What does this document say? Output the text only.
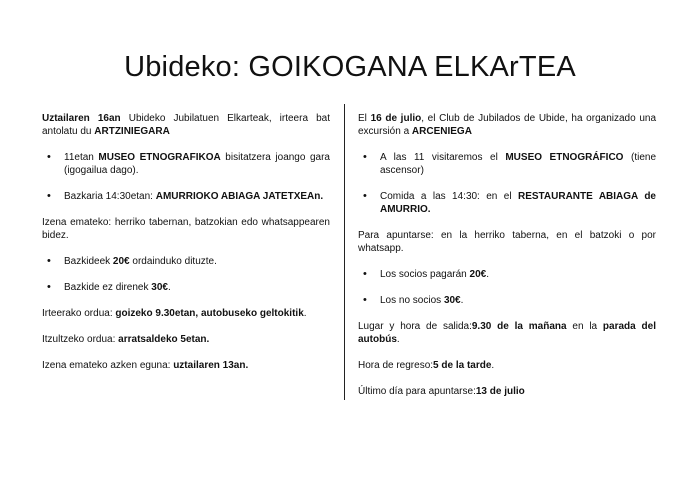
Ubideko: GOIKOGANA ELKArTEA

Uztailaren 16an Ubideko Jubilatuen Elkarteak, irteera bat antolatu du ARTZINIEGARA

• 11etan MUSEO ETNOGRAFIKOA bisitatzera joango gara (igogailua dago).
• Bazkaria 14:30etan: AMURRIOKO ABIAGA JATETXEAn.

Izena emateko: herriko tabernan, batzokian edo whatsappearen bidez.

• Bazkideek 20€ ordainduko dituzte.
• Bazkide ez direnek 30€.

Irteerako ordua: goizeko 9.30etan, autobuseko geltokitik.

Itzultzeko ordua: arratsaldeko 5etan.

Izena emateko azken eguna: uztailaren 13an.

El 16 de julio, el Club de Jubilados de Ubide, ha organizado una excursión a ARCENIEGA

• A las 11 visitaremos el MUSEO ETNOGRÁFICO (tiene ascensor)
• Comida a las 14:30: en el RESTAURANTE ABIAGA de AMURRIO.

Para apuntarse: en la herriko taberna, en el batzoki o por whatsapp.

• Los socios pagarán 20€.
• Los no socios 30€.

Lugar y hora de salida:9.30 de la mañana en la parada del autobús.

Hora de regreso:5 de la tarde.

Último día para apuntarse:13 de julio
